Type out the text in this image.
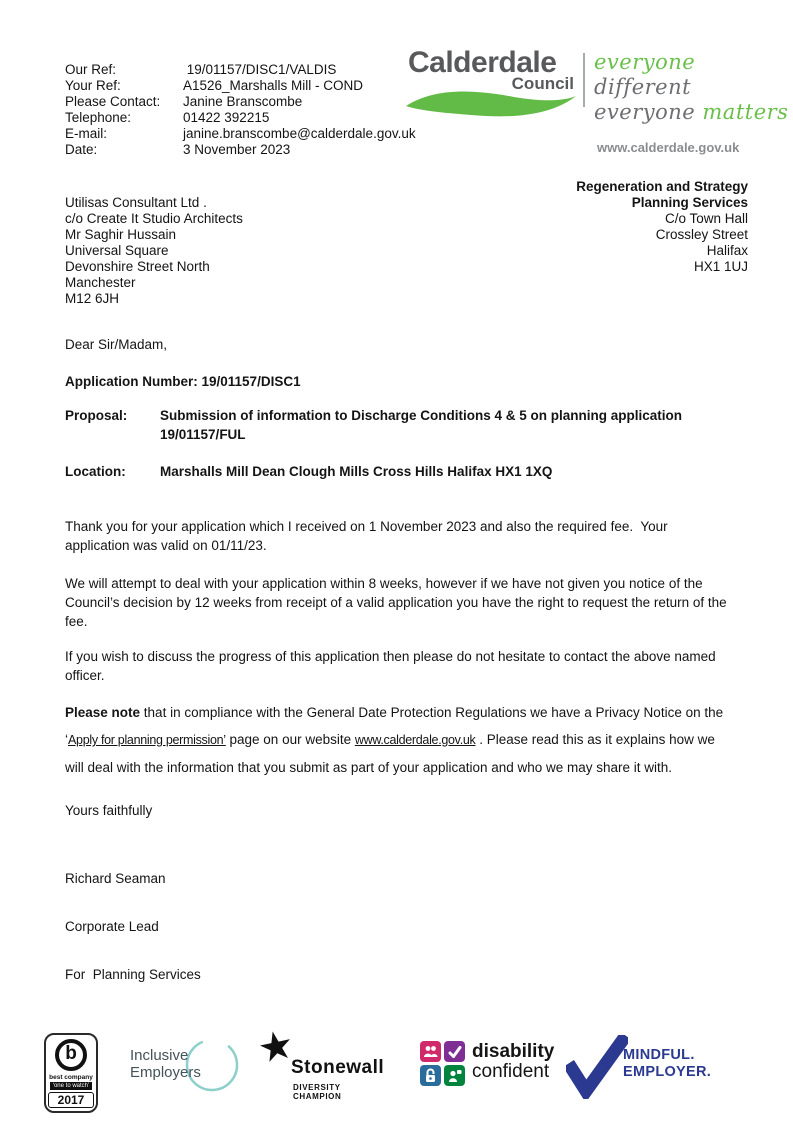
Our Ref:	19/01157/DISC1/VALDIS
Your Ref:	A1526_Marshalls Mill - COND
Please Contact:	Janine Branscombe
Telephone:	01422 392215
E-mail:	janine.branscombe@calderdale.gov.uk
Date:	3 November 2023
Calderdale
Council
everyone different
everyone matters
www.calderdale.gov.uk
Regeneration and Strategy
Planning Services
C/o Town Hall
Crossley Street
Halifax
HX1 1UJ
Utilisas Consultant Ltd .
c/o Create It Studio Architects
Mr Saghir Hussain
Universal Square
Devonshire Street North
Manchester
M12 6JH
Dear Sir/Madam,
Application Number: 19/01157/DISC1
Proposal:	Submission of information to Discharge Conditions 4 & 5 on planning application 19/01157/FUL
Location:	Marshalls Mill Dean Clough Mills Cross Hills Halifax HX1 1XQ
Thank you for your application which I received on 1 November 2023 and also the required fee.  Your application was valid on 01/11/23.
We will attempt to deal with your application within 8 weeks, however if we have not given you notice of the Council’s decision by 12 weeks from receipt of a valid application you have the right to request the return of the fee.
If you wish to discuss the progress of this application then please do not hesitate to contact the above named officer.
Please note that in compliance with the General Date Protection Regulations we have a Privacy Notice on the ‘Apply for planning permission’ page on our website www.calderdale.gov.uk . Please read this as it explains how we will deal with the information that you submit as part of your application and who we may share it with.
Yours faithfully

Richard Seaman

Corporate Lead

For  Planning Services

b
best company
‘one to watch’
2017
Inclusive
Employers
★
Stonewall
DIVERSITY CHAMPION
disability
confident
MINDFUL.
EMPLOYER.
